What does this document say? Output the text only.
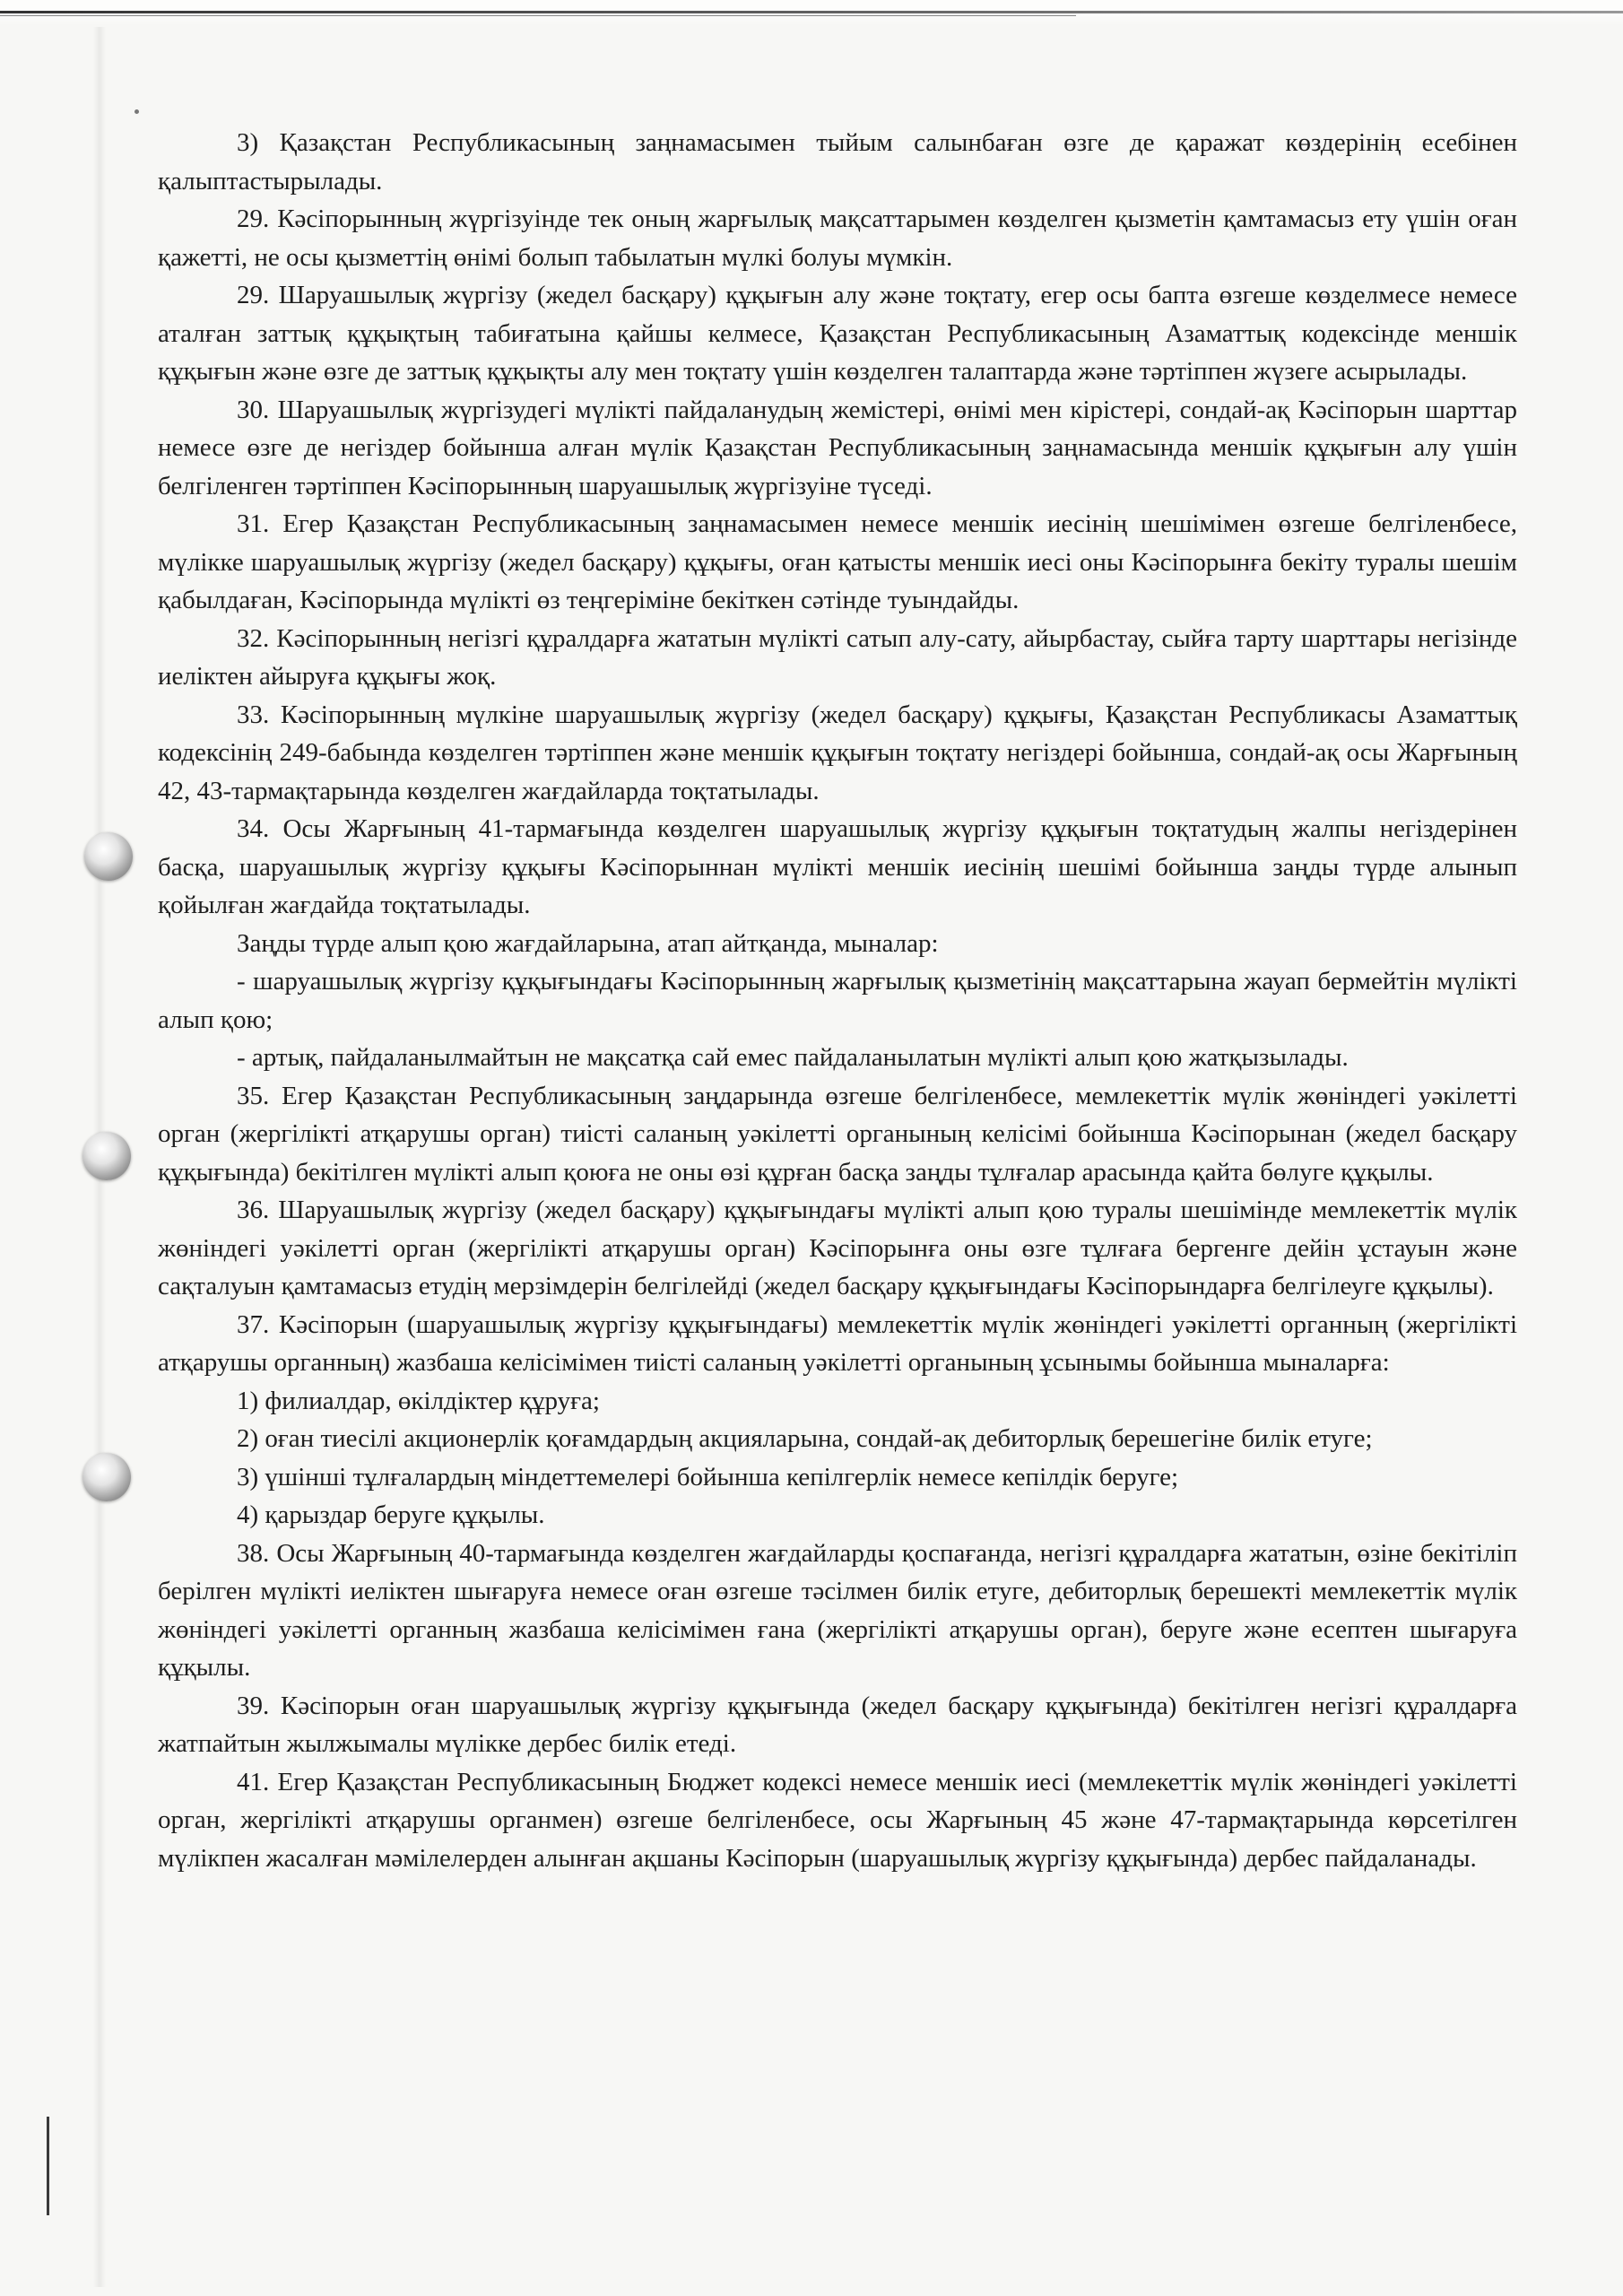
3) Қазақстан Республикасының заңнамасымен тыйым салынбаған өзге де қаражат көздерінің есебінен қалыптастырылады.

29. Кәсіпорынның жүргізуінде тек оның жарғылық мақсаттарымен көзделген қызметін қамтамасыз ету үшін оған қажетті, не осы қызметтің өнімі болып табылатын мүлкі болуы мүмкін.

29. Шаруашылық жүргізу (жедел басқару) құқығын алу және тоқтату, егер осы бапта өзгеше көзделмесе немесе аталған заттық құқықтың табиғатына қайшы келмесе, Қазақстан Республикасының Азаматтық кодексінде меншік құқығын және өзге де заттық құқықты алу мен тоқтату үшін көзделген талаптарда және тәртіппен жүзеге асырылады.

30. Шаруашылық жүргізудегі мүлікті пайдаланудың жемістері, өнімі мен кірістері, сондай-ақ Кәсіпорын шарттар немесе өзге де негіздер бойынша алған мүлік Қазақстан Республикасының заңнамасында меншік құқығын алу үшін белгіленген тәртіппен Кәсіпорынның шаруашылық жүргізуіне түседі.

31. Егер Қазақстан Республикасының заңнамасымен немесе меншік иесінің шешімімен өзгеше белгіленбесе, мүлікке шаруашылық жүргізу (жедел басқару) құқығы, оған қатысты меншік иесі оны Кәсіпорынға бекіту туралы шешім қабылдаған, Кәсіпорында мүлікті өз теңгеріміне бекіткен сәтінде туындайды.

32. Кәсіпорынның негізгі құралдарға жататын мүлікті сатып алу-сату, айырбастау, сыйға тарту шарттары негізінде иеліктен айыруға құқығы жоқ.

33. Кәсіпорынның мүлкіне шаруашылық жүргізу (жедел басқару) құқығы, Қазақстан Республикасы Азаматтық кодексінің 249-бабында көзделген тәртіппен және меншік құқығын тоқтату негіздері бойынша, сондай-ақ осы Жарғының 42, 43-тармақтарында көзделген жағдайларда тоқтатылады.

34. Осы Жарғының 41-тармағында көзделген шаруашылық жүргізу құқығын тоқтатудың жалпы негіздерінен басқа, шаруашылық жүргізу құқығы Кәсіпорыннан мүлікті меншік иесінің шешімі бойынша заңды түрде алынып қойылған жағдайда тоқтатылады.

Заңды түрде алып қою жағдайларына, атап айтқанда, мыналар:

- шаруашылық жүргізу құқығындағы Кәсіпорынның жарғылық қызметінің мақсаттарына жауап бермейтін мүлікті алып қою;

- артық, пайдаланылмайтын не мақсатқа сай емес пайдаланылатын мүлікті алып қою жатқызылады.

35. Егер Қазақстан Республикасының заңдарында өзгеше белгіленбесе, мемлекеттік мүлік жөніндегі уәкілетті орган (жергілікті атқарушы орган) тиісті саланың уәкілетті органының келісімі бойынша Кәсіпорынан (жедел басқару құқығында) бекітілген мүлікті алып қоюға не оны өзі құрған басқа заңды тұлғалар арасында қайта бөлуге құқылы.

36. Шаруашылық жүргізу (жедел басқару) құқығындағы мүлікті алып қою туралы шешімінде мемлекеттік мүлік жөніндегі уәкілетті орган (жергілікті атқарушы орган) Кәсіпорынға оны өзге тұлғаға бергенге дейін ұстауын және сақталуын қамтамасыз етудің мерзімдерін белгілейді (жедел басқару құқығындағы Кәсіпорындарға белгілеуге құқылы).

37. Кәсіпорын (шаруашылық жүргізу құқығындағы) мемлекеттік мүлік жөніндегі уәкілетті органның (жергілікті атқарушы органның) жазбаша келісімімен тиісті саланың уәкілетті органының ұсынымы бойынша мыналарға:

1) филиалдар, өкілдіктер құруға;

2) оған тиесілі акционерлік қоғамдардың акцияларына, сондай-ақ дебиторлық берешегіне билік етуге;

3) үшінші тұлғалардың міндеттемелері бойынша кепілгерлік немесе кепілдік беруге;

4) қарыздар беруге құқылы.

38. Осы Жарғының 40-тармағында көзделген жағдайларды қоспағанда, негізгі құралдарға жататын, өзіне бекітіліп берілген мүлікті иеліктен шығаруға немесе оған өзгеше тәсілмен билік етуге, дебиторлық берешекті мемлекеттік мүлік жөніндегі уәкілетті органның жазбаша келісімімен ғана (жергілікті атқарушы орган), беруге және есептен шығаруға құқылы.

39. Кәсіпорын оған шаруашылық жүргізу құқығында (жедел басқару құқығында) бекітілген негізгі құралдарға жатпайтын жылжымалы мүлікке дербес билік етеді.

41. Егер Қазақстан Республикасының Бюджет кодексі немесе меншік иесі (мемлекеттік мүлік жөніндегі уәкілетті орган, жергілікті атқарушы органмен) өзгеше белгіленбесе, осы Жарғының 45 және 47-тармақтарында көрсетілген мүлікпен жасалған мәмілелерден алынған ақшаны Кәсіпорын (шаруашылық жүргізу құқығында) дербес пайдаланады.
